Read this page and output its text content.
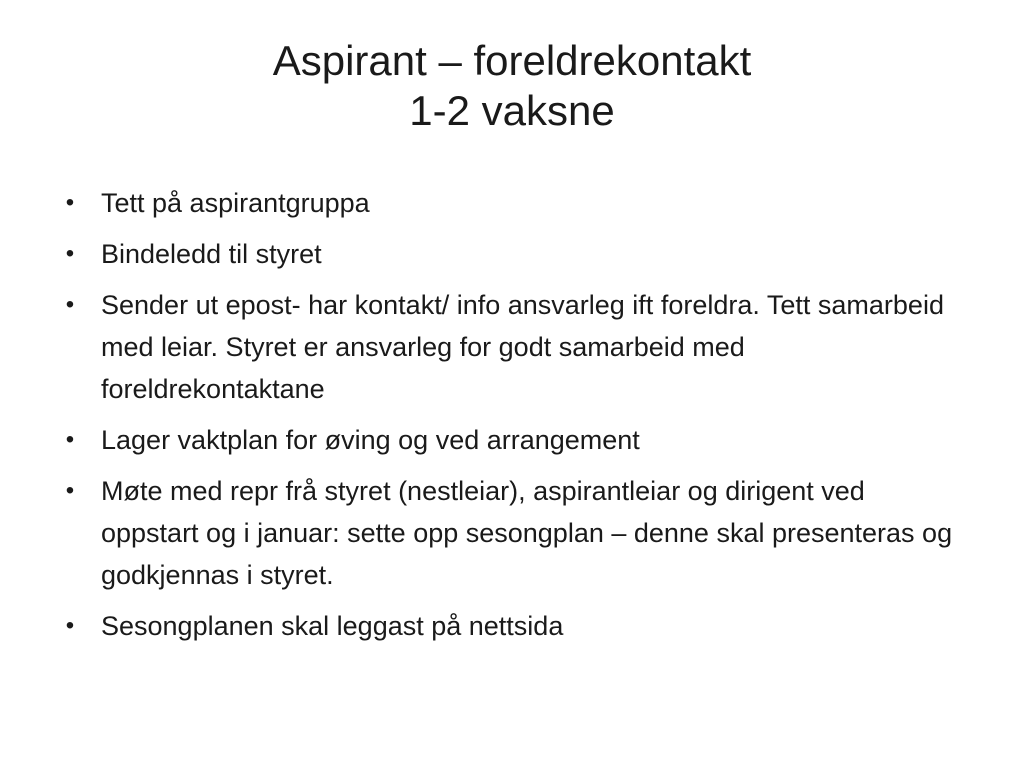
Aspirant – foreldrekontakt
1-2 vaksne
• Tett på aspirantgruppa
• Bindeledd til styret
• Sender ut epost- har kontakt/ info ansvarleg ift foreldra. Tett samarbeid med leiar. Styret er ansvarleg for godt samarbeid med foreldrekontaktane
• Lager vaktplan for øving og ved arrangement
• Møte med repr frå styret (nestleiar), aspirantleiar og dirigent ved oppstart og i januar: sette opp sesongplan – denne skal presenteras og godkjennas i styret.
• Sesongplanen skal leggast på nettsida
